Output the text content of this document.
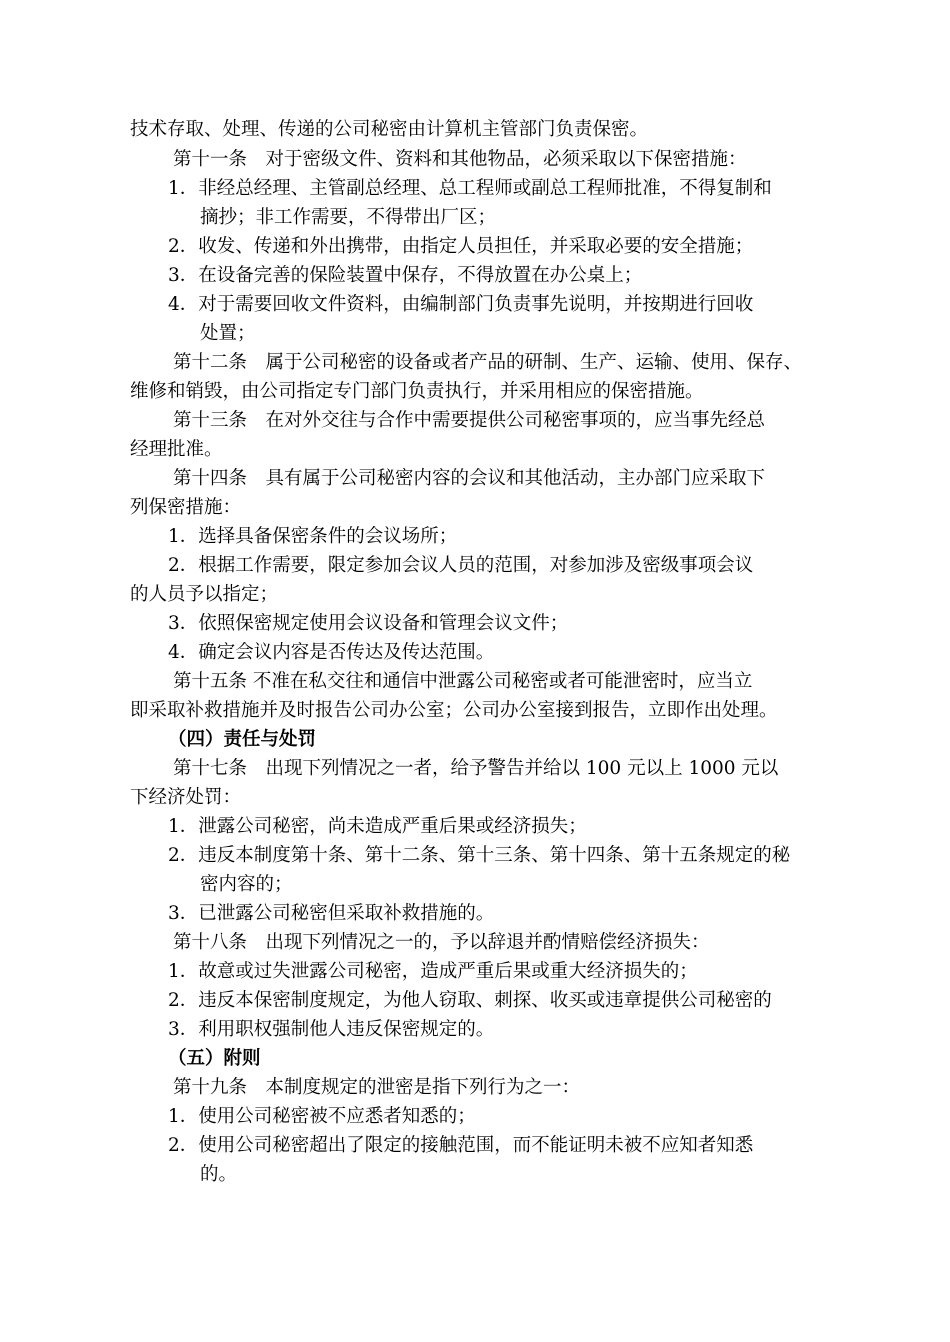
技术存取、处理、传递的公司秘密由计算机主管部门负责保密。
第十一条　对于密级文件、资料和其他物品，必须采取以下保密措施：
1．非经总经理、主管副总经理、总工程师或副总工程师批准，不得复制和
摘抄；非工作需要，不得带出厂区；
2．收发、传递和外出携带，由指定人员担任，并采取必要的安全措施；
3．在设备完善的保险装置中保存，不得放置在办公桌上；
4．对于需要回收文件资料，由编制部门负责事先说明，并按期进行回收
处置；
第十二条　属于公司秘密的设备或者产品的研制、生产、运输、使用、保存、
维修和销毁，由公司指定专门部门负责执行，并采用相应的保密措施。
第十三条　在对外交往与合作中需要提供公司秘密事项的，应当事先经总
经理批准。
第十四条　具有属于公司秘密内容的会议和其他活动，主办部门应采取下
列保密措施：
1．选择具备保密条件的会议场所；
2．根据工作需要，限定参加会议人员的范围，对参加涉及密级事项会议
的人员予以指定；
3．依照保密规定使用会议设备和管理会议文件；
4．确定会议内容是否传达及传达范围。
第十五条 不准在私交往和通信中泄露公司秘密或者可能泄密时，应当立
即采取补救措施并及时报告公司办公室；公司办公室接到报告，立即作出处理。
（四）责任与处罚
第十七条　出现下列情况之一者，给予警告并给以 100 元以上 1000 元以
下经济处罚：
1．泄露公司秘密，尚未造成严重后果或经济损失；
2．违反本制度第十条、第十二条、第十三条、第十四条、第十五条规定的秘
密内容的；
3．已泄露公司秘密但采取补救措施的。
第十八条　出现下列情况之一的，予以辞退并酌情赔偿经济损失：
1．故意或过失泄露公司秘密，造成严重后果或重大经济损失的；
2．违反本保密制度规定，为他人窃取、刺探、收买或违章提供公司秘密的
3．利用职权强制他人违反保密规定的。
（五）附则
第十九条　本制度规定的泄密是指下列行为之一：
1．使用公司秘密被不应悉者知悉的；
2．使用公司秘密超出了限定的接触范围，而不能证明未被不应知者知悉
的。
